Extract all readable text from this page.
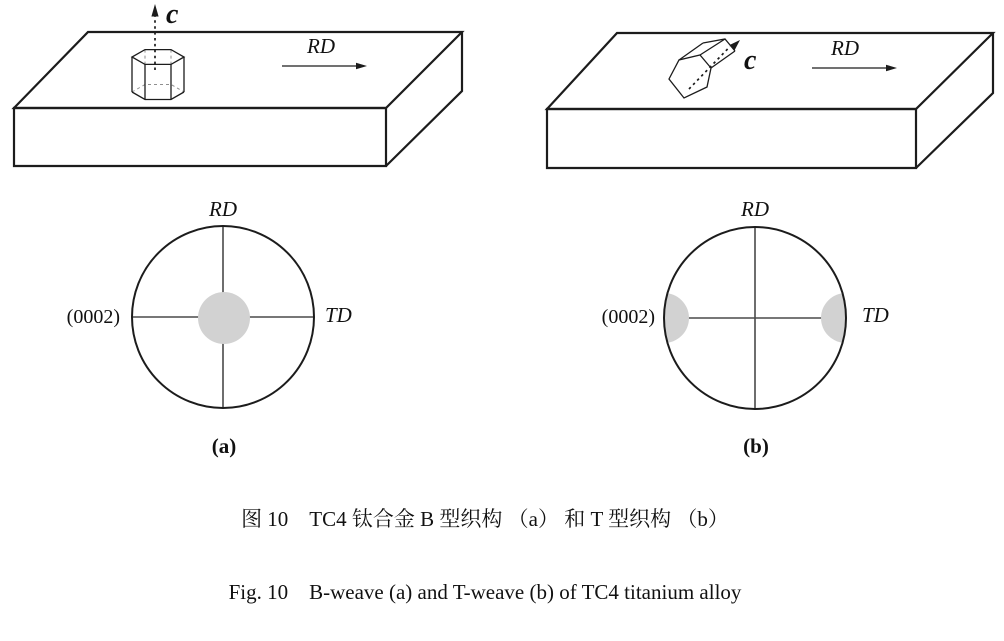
c
RD
RD
TD
(0002)
(a)
c	RD
RD
TD
(0002)
(b)

图 10　TC4 钛合金 B 型织构 （a） 和 T 型织构 （b）

Fig. 10　B-weave (a) and T-weave (b) of TC4 titanium alloy
